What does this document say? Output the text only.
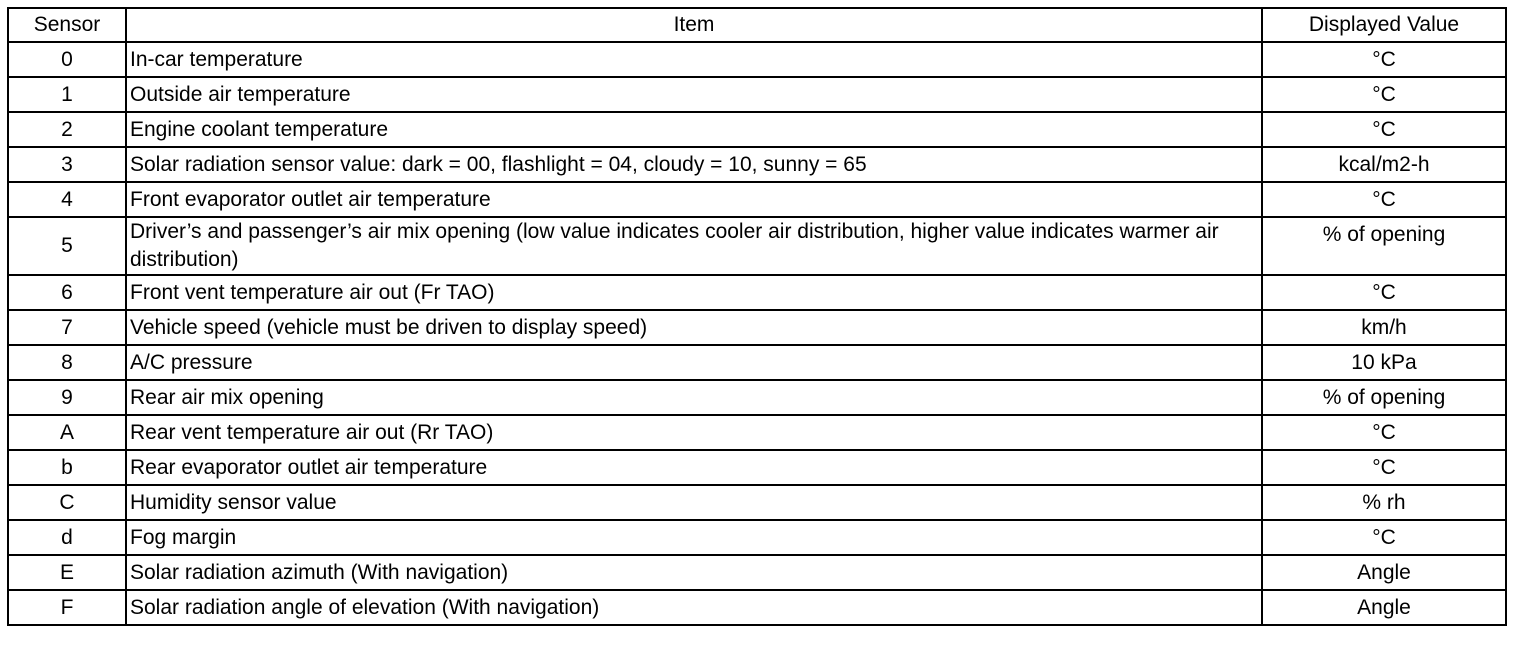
Sensor	Item	Displayed Value
0	In-car temperature	°C
1	Outside air temperature	°C
2	Engine coolant temperature	°C
3	Solar radiation sensor value: dark = 00, flashlight = 04, cloudy = 10, sunny = 65	kcal/m2-h
4	Front evaporator outlet air temperature	°C
5	Driver’s and passenger’s air mix opening (low value indicates cooler air distribution, higher value indicates warmer air distribution)	% of opening
6	Front vent temperature air out (Fr TAO)	°C
7	Vehicle speed (vehicle must be driven to display speed)	km/h
8	A/C pressure	10 kPa
9	Rear air mix opening	% of opening
A	Rear vent temperature air out (Rr TAO)	°C
b	Rear evaporator outlet air temperature	°C
C	Humidity sensor value	% rh
d	Fog margin	°C
E	Solar radiation azimuth (With navigation)	Angle
F	Solar radiation angle of elevation (With navigation)	Angle
